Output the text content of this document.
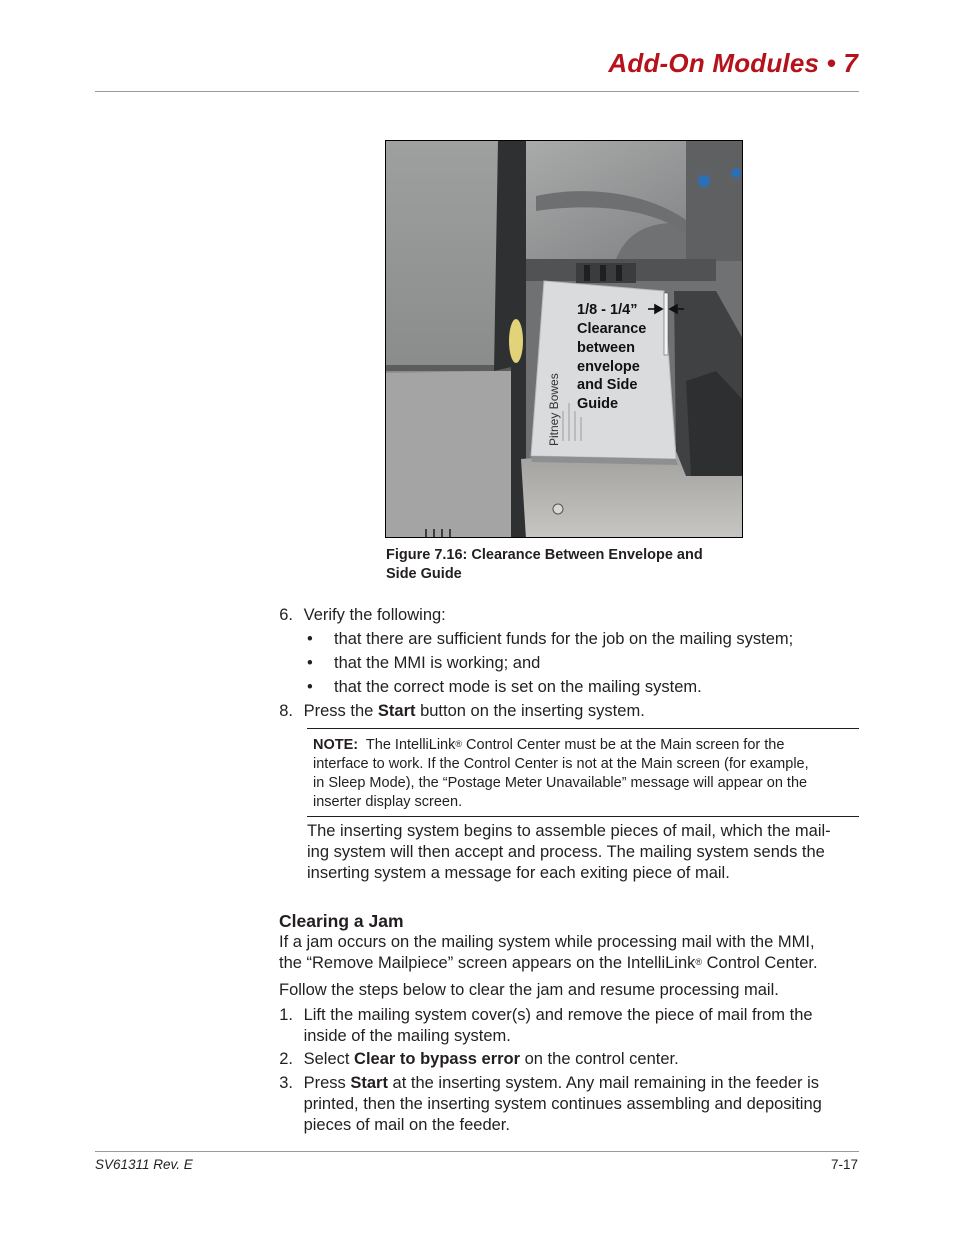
Add-On Modules • 7
Pitney Bowes
1/8 - 1/4”
Clearance
between
envelope
and Side
Guide
Figure 7.16: Clearance Between Envelope and
Side Guide
6. Verify the following:
• that there are sufficient funds for the job on the mailing system;
• that the MMI is working; and
• that the correct mode is set on the mailing system.
8. Press the Start button on the inserting system.
NOTE:  The IntelliLink® Control Center must be at the Main screen for the
interface to work. If the Control Center is not at the Main screen (for example,
in Sleep Mode), the “Postage Meter Unavailable” message will appear on the
inserter display screen.
The inserting system begins to assemble pieces of mail, which the mail-
ing system will then accept and process. The mailing system sends the
inserting system a message for each exiting piece of mail.
Clearing a Jam
If a jam occurs on the mailing system while processing mail with the MMI,
the “Remove Mailpiece” screen appears on the IntelliLink® Control Center.
Follow the steps below to clear the jam and resume processing mail.
1. Lift the mailing system cover(s) and remove the piece of mail from the
inside of the mailing system.
2. Select Clear to bypass error on the control center.
3. Press Start at the inserting system. Any mail remaining in the feeder is
printed, then the inserting system continues assembling and depositing
pieces of mail on the feeder.
SV61311 Rev. E	7-17
